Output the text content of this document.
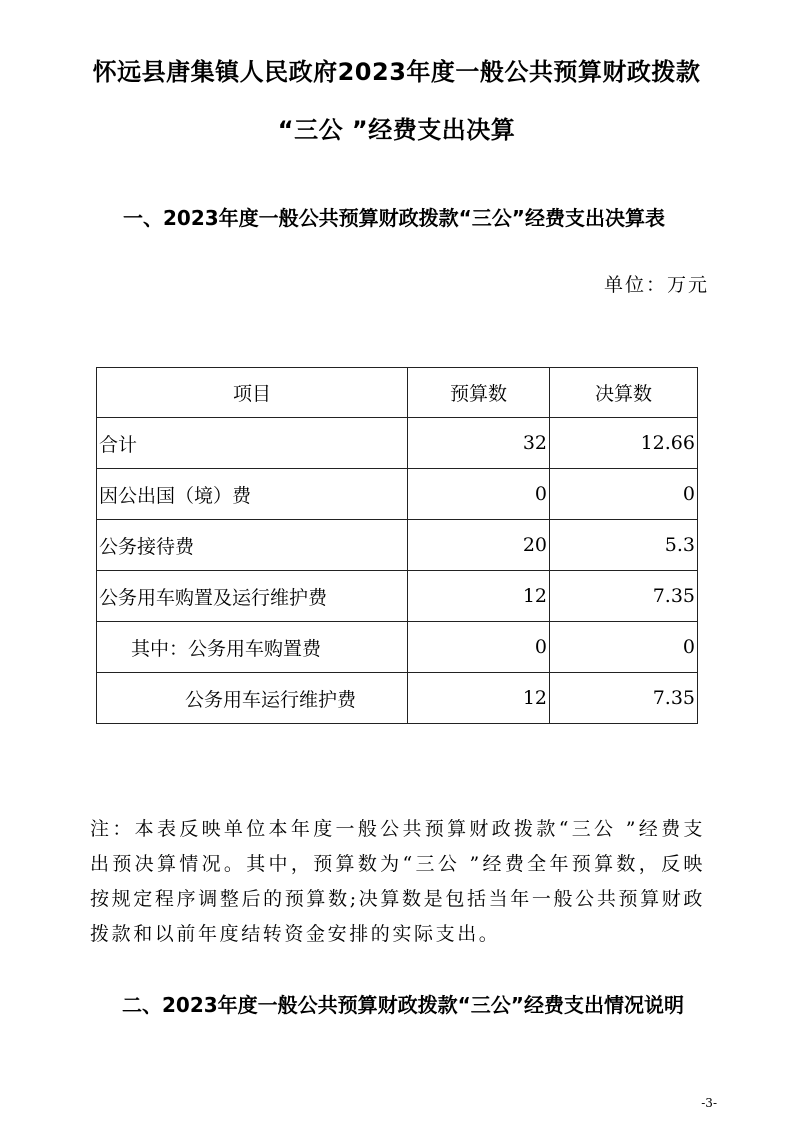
怀远县唐集镇人民政府2023年度一般公共预算财政拨款
“三公 ”经费支出决算
一、2023年度一般公共预算财政拨款“三公”经费支出决算表
单位：万元
项目	预算数	决算数
合计	32	12.66
因公出国（境）费	0	0
公务接待费	20	5.3
公务用车购置及运行维护费	12	7.35
其中：公务用车购置费	0	0
公务用车运行维护费	12	7.35
注：本表反映单位本年度一般公共预算财政拨款“三公 ”经费支出预决算情况。其中，预算数为“三公 ”经费全年预算数，反映按规定程序调整后的预算数;决算数是包括当年一般公共预算财政拨款和以前年度结转资金安排的实际支出。
二、2023年度一般公共预算财政拨款“三公”经费支出情况说明
-3-
